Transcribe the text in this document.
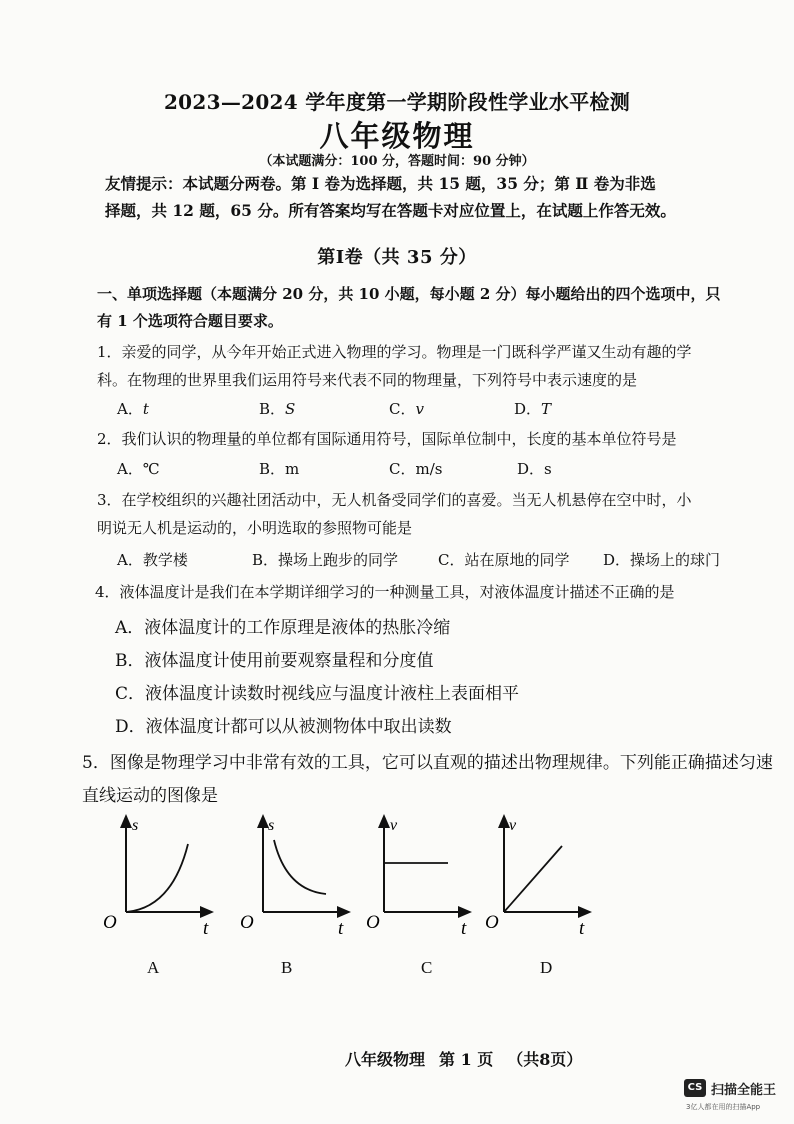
2023—2024 学年度第一学期阶段性学业水平检测
八年级物理
（本试题满分：100 分，答题时间：90 分钟）
友情提示：本试题分两卷。第 Ⅰ 卷为选择题，共 15 题，35 分；第 Ⅱ 卷为非选
择题，共 12 题，65 分。所有答案均写在答题卡对应位置上，在试题上作答无效。
第Ⅰ卷（共 35 分）
一、单项选择题（本题满分 20 分，共 10 小题，每小题 2 分）每小题给出的四个选项中，只
有 1 个选项符合题目要求。
1．亲爱的同学，从今年开始正式进入物理的学习。物理是一门既科学严谨又生动有趣的学
科。在物理的世界里我们运用符号来代表不同的物理量，下列符号中表示速度的是
A．t	B．S	C．v	D．T
2．我们认识的物理量的单位都有国际通用符号，国际单位制中，长度的基本单位符号是
A．℃	B．m	C．m/s	D．s
3．在学校组织的兴趣社团活动中，无人机备受同学们的喜爱。当无人机悬停在空中时，小
明说无人机是运动的，小明选取的参照物可能是
A．教学楼	B．操场上跑步的同学	C．站在原地的同学 D．操场上的球门
4．液体温度计是我们在本学期详细学习的一种测量工具，对液体温度计描述不正确的是
A．液体温度计的工作原理是液体的热胀冷缩
B．液体温度计使用前要观察量程和分度值
C．液体温度计读数时视线应与温度计液柱上表面相平
D．液体温度计都可以从被测物体中取出读数
5．图像是物理学习中非常有效的工具，它可以直观的描述出物理规律。下列能正确描述匀速
直线运动的图像是
s
O	t
s
O	t
v
O	t
v
O	t
A	B	C	D
八年级物理 第 1 页 （共8页）
CS 扫描全能王
3亿人都在用的扫描App
